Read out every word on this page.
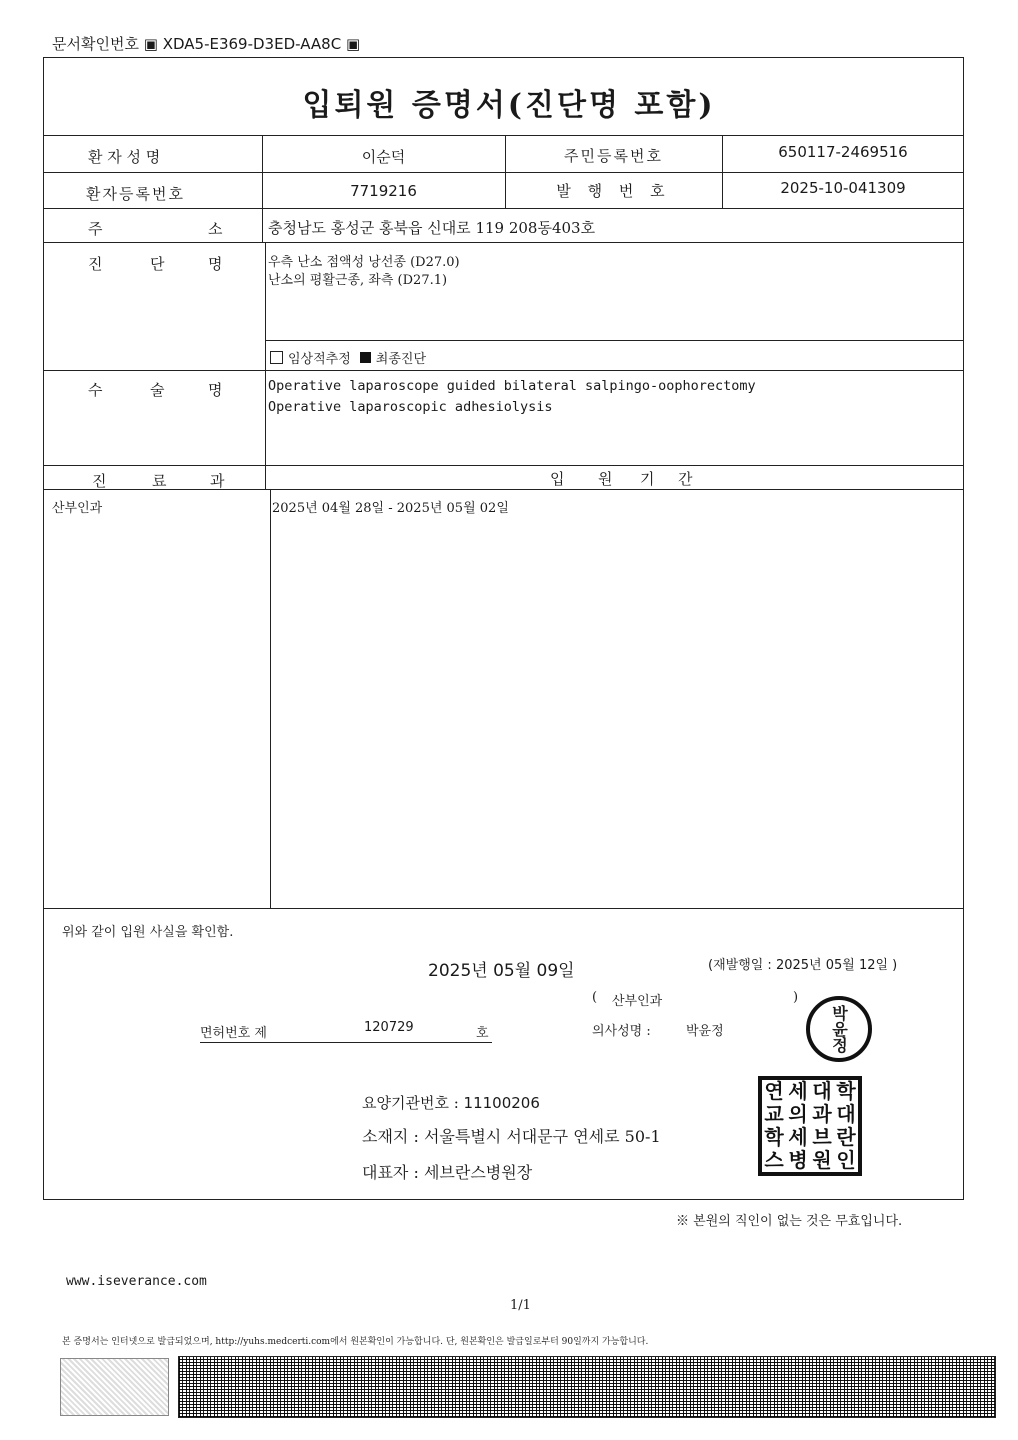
문서확인번호 ▣ XDA5-E369-D3ED-AA8C ▣
입퇴원 증명서(진단명 포함)
환 자 성 명	이순덕	주민등록번호	650117-2469516
환자등록번호	7719216	발 행 번 호	2025-10-041309
주	소	충청남도 홍성군 홍북읍 신대로 119 208동403호
진	단	명	우측 난소 점액성 낭선종 (D27.0)
난소의 평활근종, 좌측 (D27.1)
임상적추정 최종진단
수	술	명	Operative laparoscope guided bilateral salpingo-oophorectomy
Operative laparoscopic adhesiolysis
진	료	과	입 원 기 간
산부인과	2025년 04월 28일 - 2025년 05월 02일
위와 같이 입원 사실을 확인함.
2025년 05월 09일	(재발행일 : 2025년 05월 12일 )
( 산부인과	)
면허번호 제	120729	호	의사성명 :	박윤정	박윤정
요양기관번호 : 11100206
소재지 : 서울특별시 서대문구 연세로 50-1
대표자 : 세브란스병원장
연 세 대 학
교 의 과 대
학 세 브 란
스 병 원 인
※ 본원의 직인이 없는 것은 무효입니다.
www.iseverance.com
1/1
본 증명서는 인터넷으로 발급되었으며, http://yuhs.medcerti.com에서 원본확인이 가능합니다. 단, 원본확인은 발급일로부터 90일까지 가능합니다.
